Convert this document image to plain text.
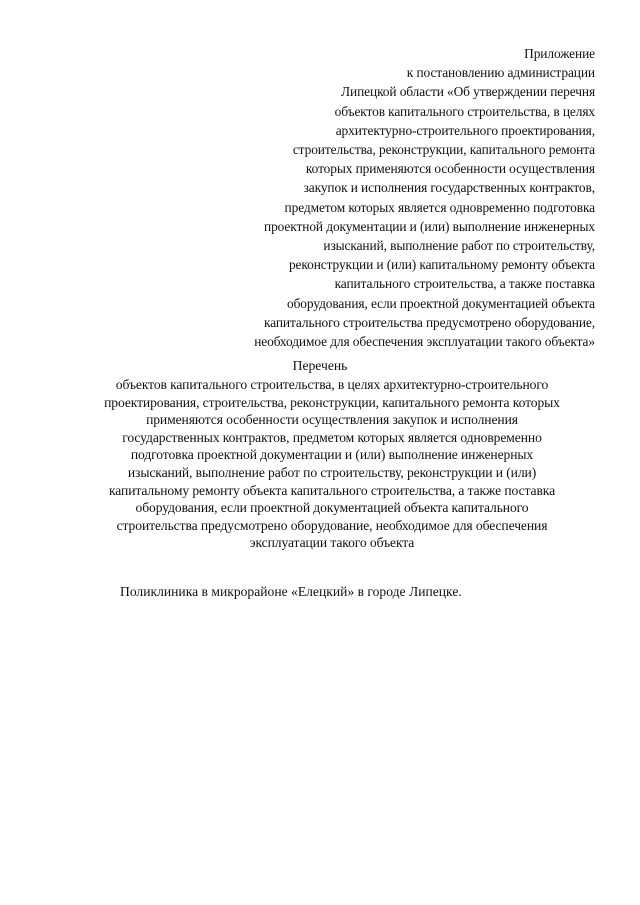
Приложение
к постановлению администрации
Липецкой области «Об утверждении перечня
объектов капитального строительства, в целях
архитектурно-строительного проектирования,
строительства, реконструкции, капитального ремонта
которых применяются особенности осуществления
закупок и исполнения государственных контрактов,
предметом которых является одновременно подготовка
проектной документации и (или) выполнение инженерных
изысканий, выполнение работ по строительству,
реконструкции и (или) капитальному ремонту объекта
капитального строительства, а также поставка
оборудования, если проектной документацией объекта
капитального строительства предусмотрено оборудование,
необходимое для обеспечения эксплуатации такого объекта»
Перечень
объектов капитального строительства, в целях архитектурно-строительного
проектирования, строительства, реконструкции, капитального ремонта которых
применяются особенности осуществления закупок и исполнения
государственных контрактов, предметом которых является одновременно
подготовка проектной документации и (или) выполнение инженерных
изысканий, выполнение работ по строительству, реконструкции и (или)
капитальному ремонту объекта капитального строительства, а также поставка
оборудования, если проектной документацией объекта капитального
строительства предусмотрено оборудование, необходимое для обеспечения
эксплуатации такого объекта
Поликлиника в микрорайоне «Елецкий» в городе Липецке.
